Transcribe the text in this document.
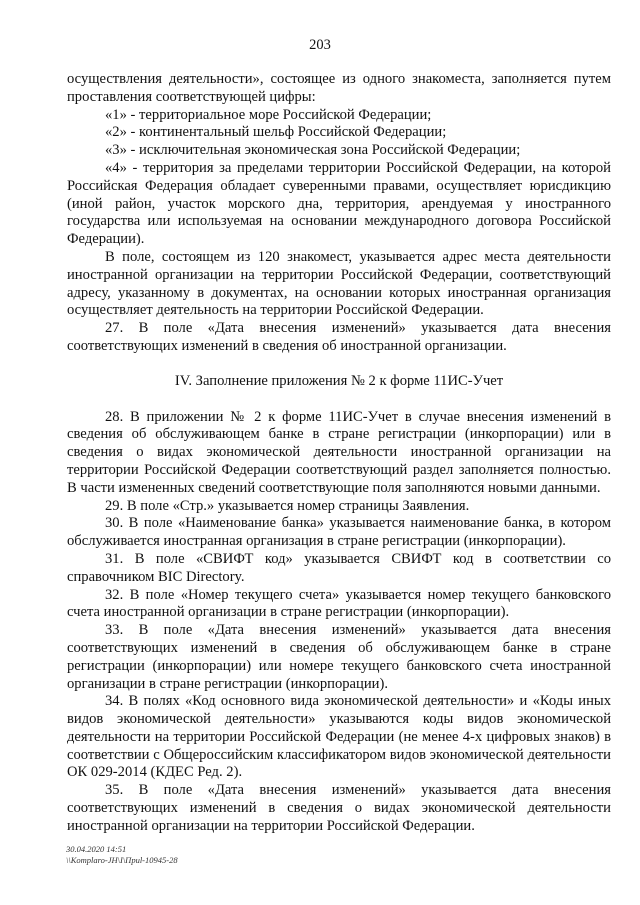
203

осуществления деятельности», состоящее из одного знакоместа, заполняется путем проставления соответствующей цифры:

«1» - территориальное море Российской Федерации;

«2» - континентальный шельф Российской Федерации;

«3» - исключительная экономическая зона Российской Федерации;

«4» - территория за пределами территории Российской Федерации, на которой Российская Федерация обладает суверенными правами, осуществляет юрисдикцию (иной район, участок морского дна, территория, арендуемая у иностранного государства или используемая на основании международного договора Российской Федерации).

В поле, состоящем из 120 знакомест, указывается адрес места деятельности иностранной организации на территории Российской Федерации, соответствующий адресу, указанному в документах, на основании которых иностранная организация осуществляет деятельность на территории Российской Федерации.

27. В поле «Дата внесения изменений» указывается дата внесения соответствующих изменений в сведения об иностранной организации.

IV. Заполнение приложения № 2 к форме 11ИС-Учет

28. В приложении № 2 к форме 11ИС-Учет в случае внесения изменений в сведения об обслуживающем банке в стране регистрации (инкорпорации) или в сведения о видах экономической деятельности иностранной организации на территории Российской Федерации соответствующий раздел заполняется полностью. В части измененных сведений соответствующие поля заполняются новыми данными.

29. В поле «Стр.» указывается номер страницы Заявления.

30. В поле «Наименование банка» указывается наименование банка, в котором обслуживается иностранная организация в стране регистрации (инкорпорации).

31. В поле «СВИФТ код» указывается СВИФТ код в соответствии со справочником BIC Directory.

32. В поле «Номер текущего счета» указывается номер текущего банковского счета иностранной организации в стране регистрации (инкорпорации).

33. В поле «Дата внесения изменений» указывается дата внесения соответствующих изменений в сведения об обслуживающем банке в стране регистрации (инкорпорации) или номере текущего банковского счета иностранной организации в стране регистрации (инкорпорации).

34. В полях «Код основного вида экономической деятельности» и «Коды иных видов экономической деятельности» указываются коды видов экономической деятельности на территории Российской Федерации (не менее 4-х цифровых знаков) в соответствии с Общероссийским классификатором видов экономической деятельности ОК 029-2014 (КДЕС Ред. 2).

35. В поле «Дата внесения изменений» указывается дата внесения соответствующих изменений в сведения о видах экономической деятельности иностранной организации на территории Российской Федерации.

30.04.2020 14:51
\\Komplaro-JH\I\Приl-10945-28
